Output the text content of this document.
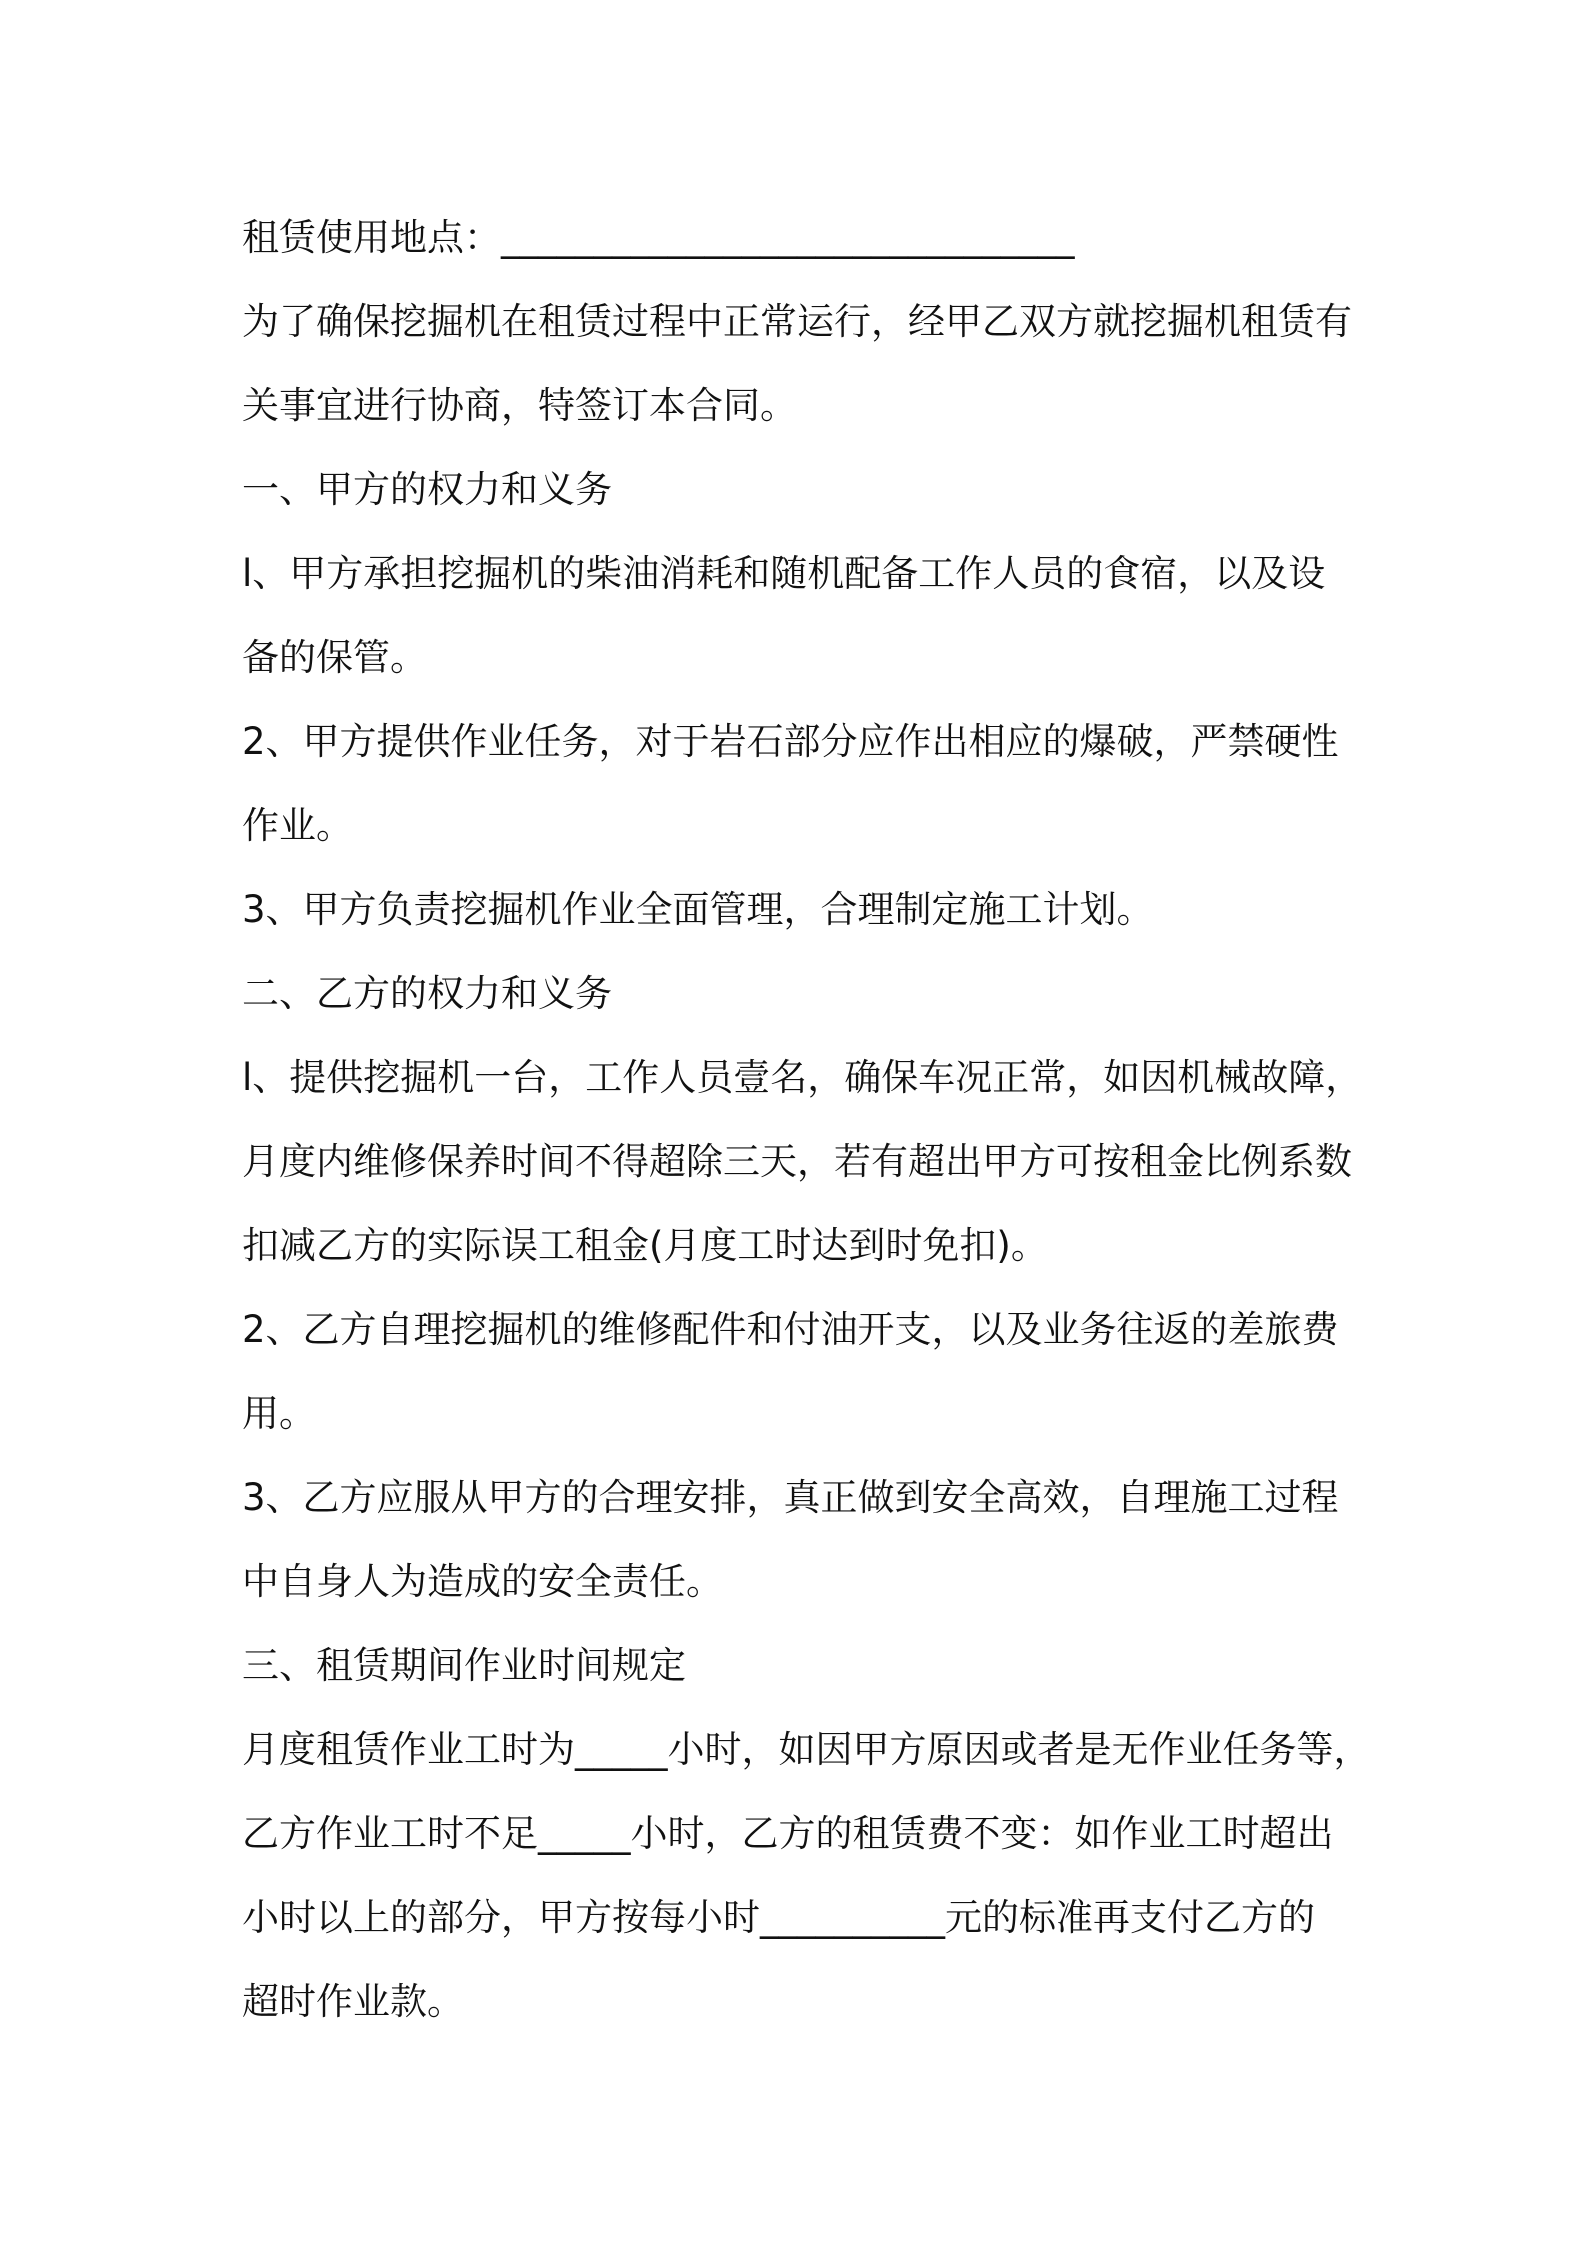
租赁使用地点：_______________________________
为了确保挖掘机在租赁过程中正常运行，经甲乙双方就挖掘机租赁有
关事宜进行协商，特签订本合同。
一、甲方的权力和义务
l、甲方承担挖掘机的柴油消耗和随机配备工作人员的食宿，以及设
备的保管。
2、甲方提供作业任务，对于岩石部分应作出相应的爆破，严禁硬性
作业。
3、甲方负责挖掘机作业全面管理，合理制定施工计划。
二、乙方的权力和义务
l、提供挖掘机一台，工作人员壹名，确保车况正常，如因机械故障，
月度内维修保养时间不得超除三天，若有超出甲方可按租金比例系数
扣减乙方的实际误工租金(月度工时达到时免扣)。
2、乙方自理挖掘机的维修配件和付油开支，以及业务往返的差旅费
用。
3、乙方应服从甲方的合理安排，真正做到安全高效，自理施工过程
中自身人为造成的安全责任。
三、租赁期间作业时间规定
月度租赁作业工时为_____小时，如因甲方原因或者是无作业任务等，
乙方作业工时不足_____小时，乙方的租赁费不变：如作业工时超出
小时以上的部分，甲方按每小时__________元的标准再支付乙方的
超时作业款。
